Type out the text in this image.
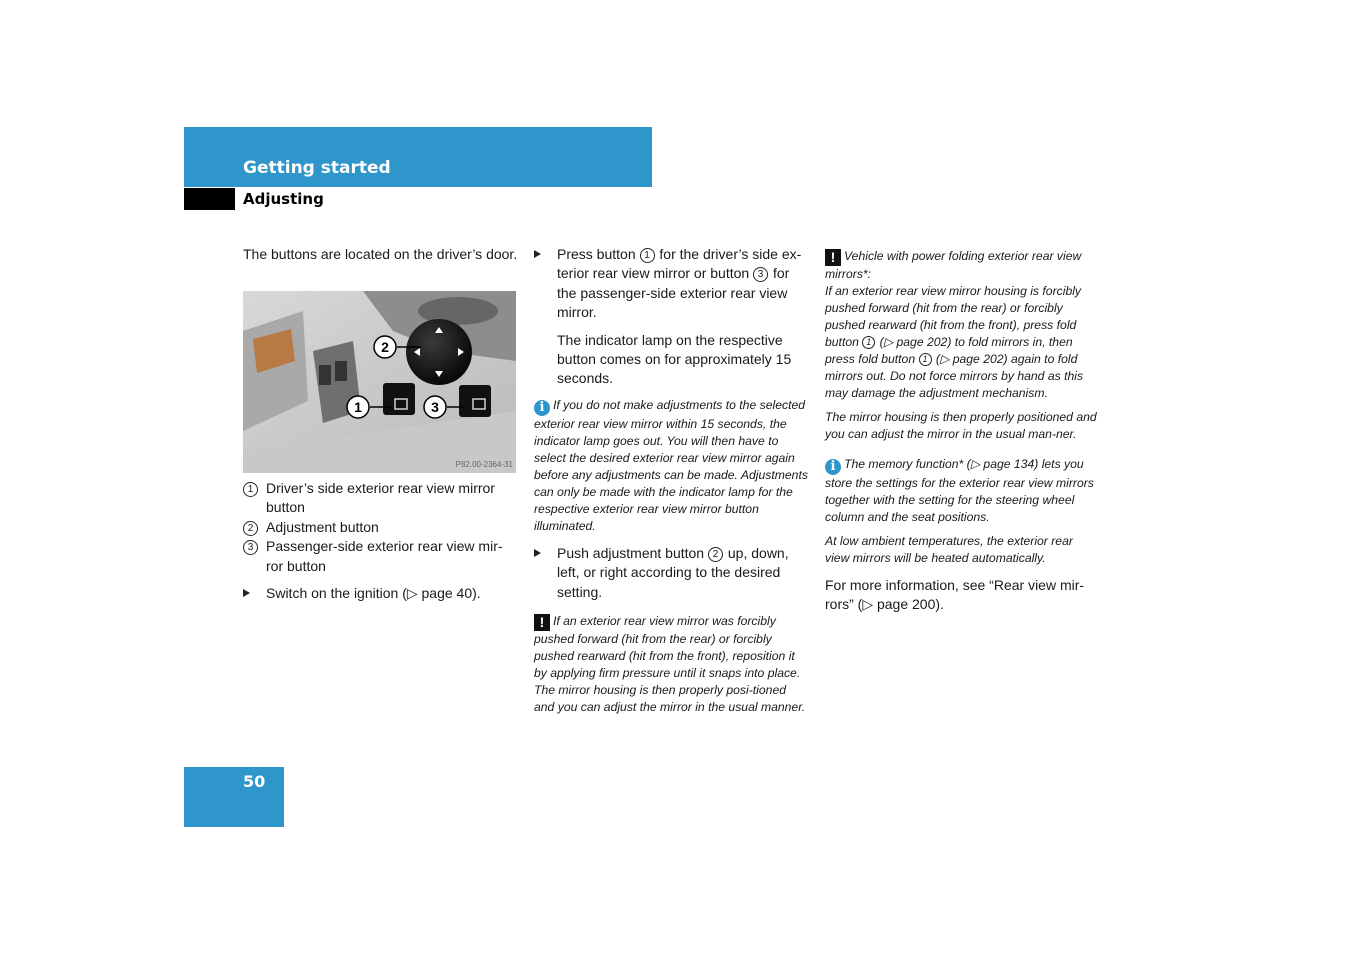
Getting started
Adjusting

The buttons are located on the driver’s door.

2
1	3
P82.00-2364-31
1 Driver’s side exterior rear view mirror button
2 Adjustment button
3 Passenger-side exterior rear view mir-ror button
Switch on the ignition (▷ page 40).
Press button 1 for the driver’s side ex-terior rear view mirror or button 3 for the passenger-side exterior rear view mirror.

The indicator lamp on the respective button comes on for approximately 15 seconds.

i If you do not make adjustments to the selected exterior rear view mirror within 15 seconds, the indicator lamp goes out. You will then have to select the desired exterior rear view mirror again before any adjustments can be made. Adjustments can only be made with the indicator lamp for the respective exterior rear view mirror button illuminated.

Push adjustment button 2 up, down, left, or right according to the desired setting.

! If an exterior rear view mirror was forcibly pushed forward (hit from the rear) or forcibly pushed rearward (hit from the front), reposition it by applying firm pressure until it snaps into place. The mirror housing is then properly posi-tioned and you can adjust the mirror in the usual manner.

! Vehicle with power folding exterior rear view mirrors*:
If an exterior rear view mirror housing is forcibly pushed forward (hit from the rear) or forcibly pushed rearward (hit from the front), press fold button 1 (▷ page 202) to fold mirrors in, then press fold button 1 (▷ page 202) again to fold mirrors out. Do not force mirrors by hand as this may damage the adjustment mechanism.

The mirror housing is then properly positioned and you can adjust the mirror in the usual man-ner.

i The memory function* (▷ page 134) lets you store the settings for the exterior rear view mirrors together with the setting for the steering wheel column and the seat positions.

At low ambient temperatures, the exterior rear view mirrors will be heated automatically.

For more information, see “Rear view mir-rors” (▷ page 200).

50
